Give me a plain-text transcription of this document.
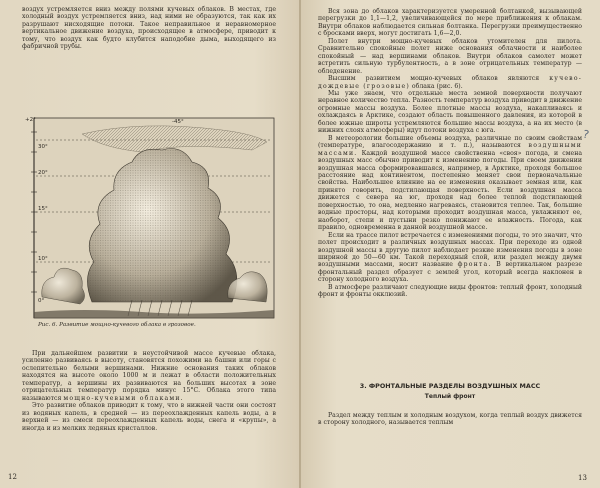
воздух устремляется вниз между полями кучевых облаков. В местах, где холодный воздух устремляется вниз, над ними не образуются, так как их разрушают нисходящие потоки. Такое неправильное и неравномерное вертикальное движение воздуха, происходящее в атмосфере, приводит к тому, что воздух как будто клубится наподобие дыма, выходящего из фабричной трубы.

+2°	-45°
30°
20°
15°
10°
0°
Рис. 6. Развитие мощно-кучевого облака в грозовое.

При дальнейшем развитии в неустойчивой массе кучевые облака, усиленно развиваясь в высоту, становятся похожими на башни или горы с ослепительно белыми вершинами. Нижние основания таких облаков находятся на высоте около 1000 м и лежат в области положительных температур, а вершины их развиваются на больших высотах в зоне отрицательных температур порядка минус 15°С. Облака этого типа называются мощно-кучевыми облаками.

Это развитие облаков приводит к тому, что в нижней части они состоят из водяных капель, в средней — из переохлажденных капель воды, а в верхней — из смеси переохлажденных капель воды, снега и «крупы», а иногда и из мелких ледяных кристаллов.

12

Вся зона до облаков характеризуется умеренной болтанкой, вызывающей перегрузки до 1,1—1,2, увеличивающейся по мере приближения к облакам. Внутри облаков наблюдается сильная болтанка. Перегрузки преимущественно с бросками вверх, могут достигать 1,6—2,0.

Полет внутри мощно-кучевых облаков утомителен для пилота. Сравнительно спокойные полет ниже основания облачности и наиболее спокойный — над вершинами облаков. Внутри облаков самолет может встретить сильную турбулентность, а в зоне отрицательных температур — обледенение.

Высшим развитием мощно-кучевых облаков являются кучево-дождевые (грозовые) облака (рис. 6).

Мы уже знаем, что отдельные места земной поверхности получают неравное количество тепла. Разность температур воздуха приводит в движение огромные массы воздуха. Более плотные массы воздуха, накапливаясь и охлаждаясь в Арктике, создают область повышенного давления, из которой в более южные широты устремляются большие массы воздуха, а на их место (в нижних слоях атмосферы) идут потоки воздуха с юга.

В метеорологии большие объемы воздуха, различные по своим свойствам (температуре, влагосодержанию и т. п.), называются воздушными массами. Каждой воздушной массе свойственна «своя» погода, и смена воздушных масс обычно приводит к изменению погоды. При своем движении воздушная масса сформировавшаяся, например, в Арктике, проходя большое расстояние над континентом, постепенно меняет свои первоначальные свойства. Наибольшее влияние на ее изменения оказывает земная или, как принято говорить, подстилающая поверхность. Если воздушная масса движется с севера на юг, проходя над более теплой подстилающей поверхностью, то она, медленно нагреваясь, становится теплее. Так, большие водные просторы, над которыми проходит воздушная масса, увлажняют ее, наоборот, степи и пустыни резко понижают ее влажность. Погода, как правило, одновременна в данной воздушной массе.

Если на трассе пилот встречается с изменениями погоды, то это значит, что полет происходит в различных воздушных массах. При переходе из одной воздушной массы в другую пилот наблюдает резкие изменения погоды в зоне шириной до 50—60 км. Такой переходный слой, или раздел между двумя воздушными массами, носит название фронта. В вертикальном разрезе фронтальный раздел образует с землей угол, который всегда наклонен в сторону холодного воздуха.

В атмосфере различают следующие виды фронтов: теплый фронт, холодный фронт и фронты окклюзий.

3. ФРОНТАЛЬНЫЕ РАЗДЕЛЫ ВОЗДУШНЫХ МАСС
Теплый фронт

Раздел между теплым и холодным воздухом, когда теплый воздух движется в сторону холодного, называется теплым

13
?
